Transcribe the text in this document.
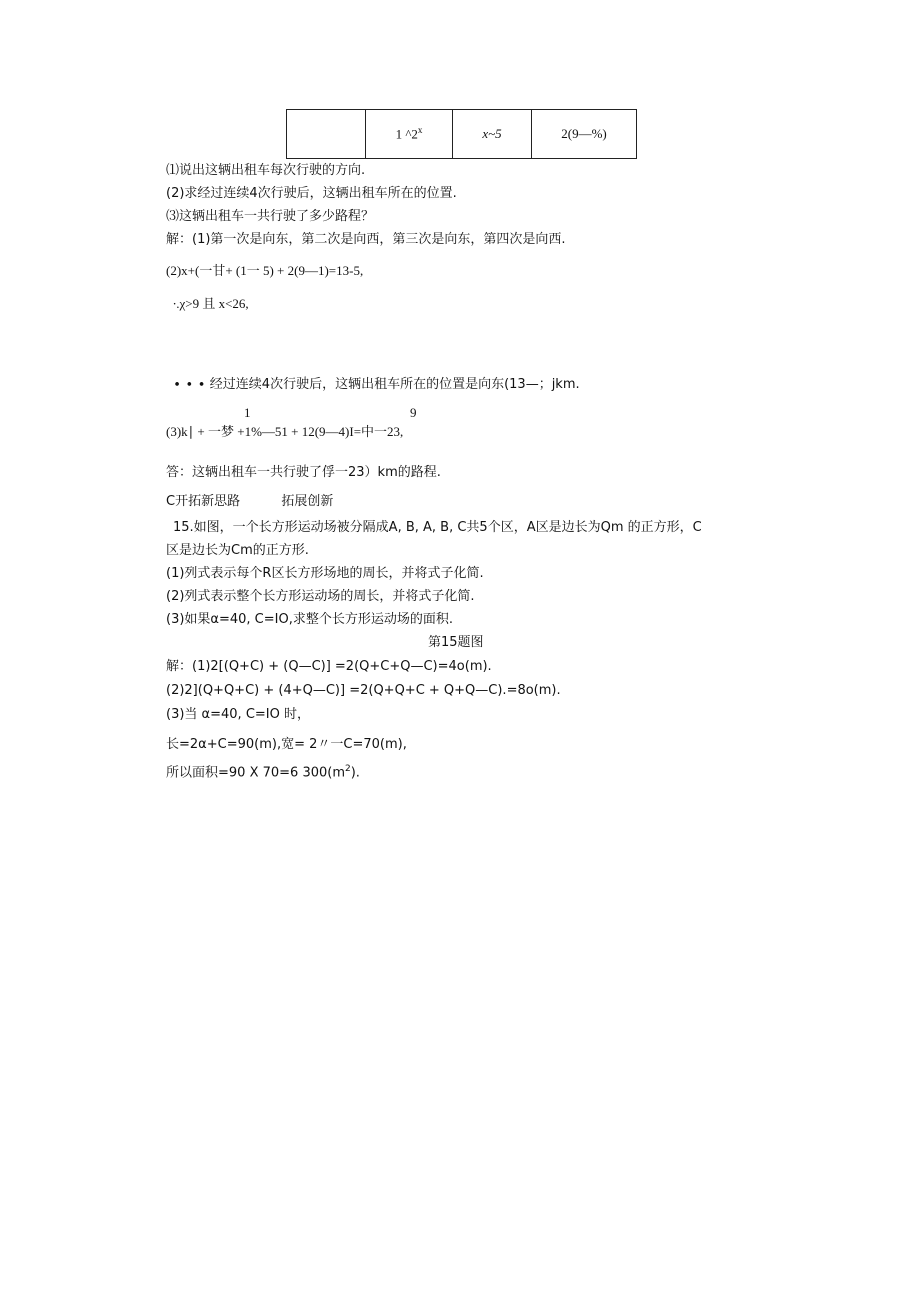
	1 ^2$^x$	x~5	2(9—%)
⑴说出这辆出租车每次行驶的方向.
(2)求经过连续4次行驶后，这辆出租车所在的位置.
⑶这辆出租车一共行驶了多少路程？
解：(1)第一次是向东，第二次是向西，第三次是向东，第四次是向西.
(2)x+(一甘+ (1一 5) + 2(9—1)=13-5,
∙.χ>9 且 x<26,
∙ ∙ ∙ 经过连续4次行驶后，这辆出租车所在的位置是向东(13—；jkm.
1	9
(3)k∣ + 一梦 +1%—51 + 12(9—4)I=中一23,
答：这辆出租车一共行驶了俘一23）km的路程.
C开拓新思路          拓展创新
15.如图，一个长方形运动场被分隔成A, B, A, B, C共5个区，A区是边长为Qm 的正方形，C
区是边长为Cm的正方形.
(1)列式表示每个R区长方形场地的周长，并将式子化简.
(2)列式表示整个长方形运动场的周长，并将式子化简.
(3)如果α=40, C=IO,求整个长方形运动场的面积.
第15题图
解：(1)2[(Q+C) + (Q—C)] =2(Q+C+Q—C)=4o(m).
(2)2](Q+Q+C) + (4+Q—C)] =2(Q+Q+C + Q+Q—C).=8o(m).
(3)当 α=40, C=IO 时，
长=2α+C=90(m),宽= 2〃一C=70(m),
所以面积=90 X 70=6 $300(m^2)$.
